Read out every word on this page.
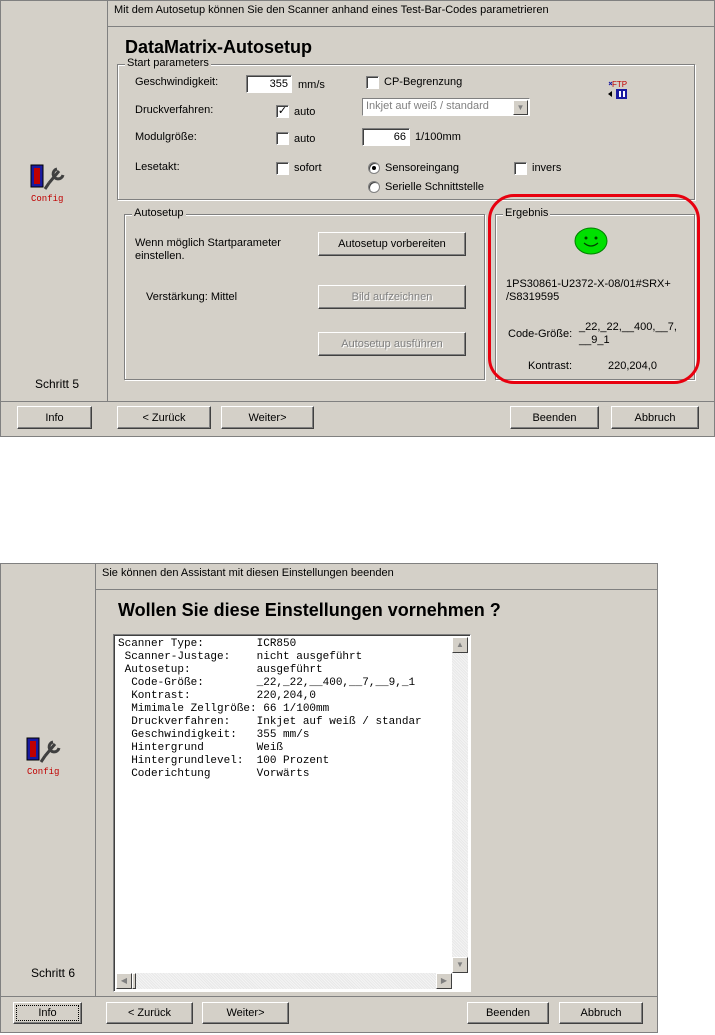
Config
Schritt 5
Mit dem Autosetup können Sie den Scanner anhand eines Test-Bar-Codes parametrieren
DataMatrix-Autosetup
Start parameters
Geschwindigkeit:	355 mm/s	CP-Begrenzung	FTP
Druckverfahren:	✓ auto	Inkjet auf weiß / standard	▼
Modulgröße:	auto	66 1/100mm
Lesetakt:	sofort	Sensoreingang	invers
Serielle Schnittstelle
Autosetup
Wenn möglich Startparameter einstellen.
Autosetup vorbereiten
Verstärkung: Mittel	Bild aufzeichnen
Autosetup ausführen
Ergebnis
1PS30861-U2372-X-08/01#SRX+ /S8319595
Code-Größe:
_22,_22,__400,__7, __9_1
Kontrast:	220,204,0
Info	< Zurück	Weiter>	Beenden	Abbruch
Config
Schritt 6
Sie können den Assistant mit diesen Einstellungen beenden
Wollen Sie diese Einstellungen vornehmen ?
Scanner Type:        ICR850
Scanner-Justage:    nicht ausgeführt
Autosetup:          ausgeführt
Code-Größe:        _22,_22,__400,__7,__9,_1
Kontrast:          220,204,0
Mimimale Zellgröße: 66 1/100mm
Druckverfahren:    Inkjet auf weiß / standar
Geschwindigkeit:   355 mm/s
Hintergrund        Weiß
Hintergrundlevel:  100 Prozent
Coderichtung       Vorwärts
▲
▼
◀	▶
Info	< Zurück	Weiter>	Beenden	Abbruch
